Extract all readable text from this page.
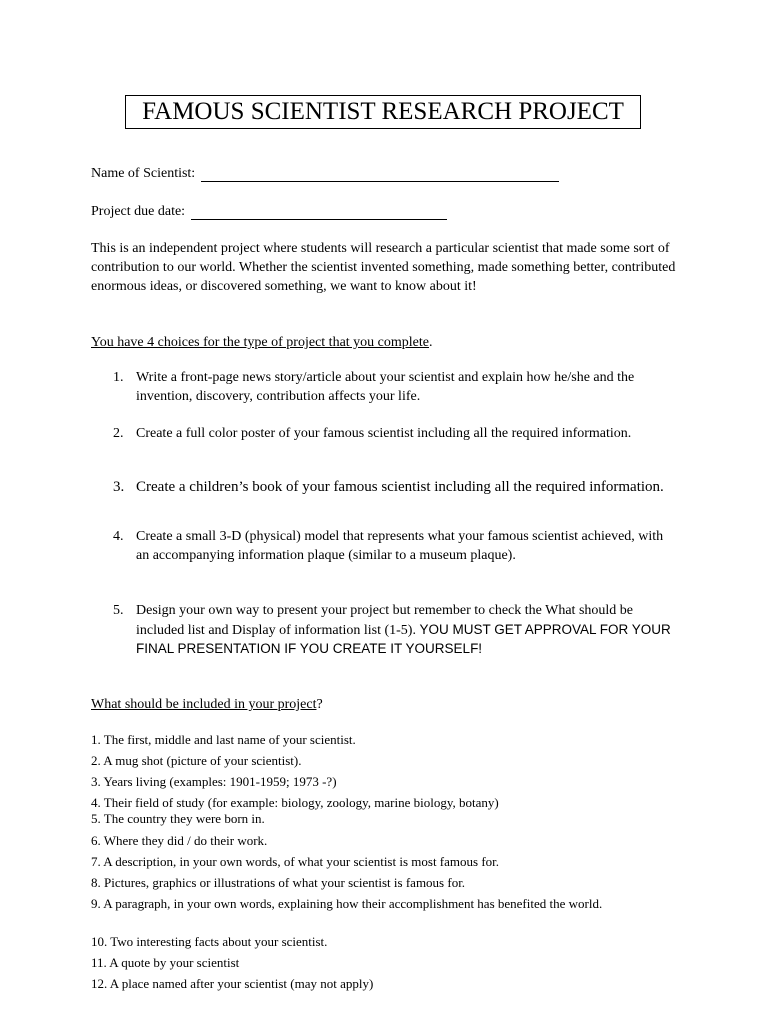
FAMOUS SCIENTIST RESEARCH PROJECT
Name of Scientist:
Project due date:

This is an independent project where students will research a particular scientist that made some sort of contribution to our world. Whether the scientist invented something, made something better, contributed enormous ideas, or discovered something, we want to know about it!

You have 4 choices for the type of project that you complete.

1. Write a front-page news story/article about your scientist and explain how he/she and the invention, discovery, contribution affects your life.
2. Create a full color poster of your famous scientist including all the required information.
3. Create a children’s book of your famous scientist including all the required information.
4. Create a small 3-D (physical) model that represents what your famous scientist achieved, with an accompanying information plaque (similar to a museum plaque).
5. Design your own way to present your project but remember to check the What should be included list and Display of information list (1-5). YOU MUST GET APPROVAL FOR YOUR FINAL PRESENTATION IF YOU CREATE IT YOURSELF!

What should be included in your project?

1. The first, middle and last name of your scientist.
2. A mug shot (picture of your scientist).
3. Years living (examples: 1901-1959; 1973 -?)
4. Their field of study (for example: biology, zoology, marine biology, botany)
5. The country they were born in.
6. Where they did / do their work.
7. A description, in your own words, of what your scientist is most famous for.
8. Pictures, graphics or illustrations of what your scientist is famous for.
9. A paragraph, in your own words, explaining how their accomplishment has benefited the world.
10. Two interesting facts about your scientist.
11. A quote by your scientist
12. A place named after your scientist (may not apply)
